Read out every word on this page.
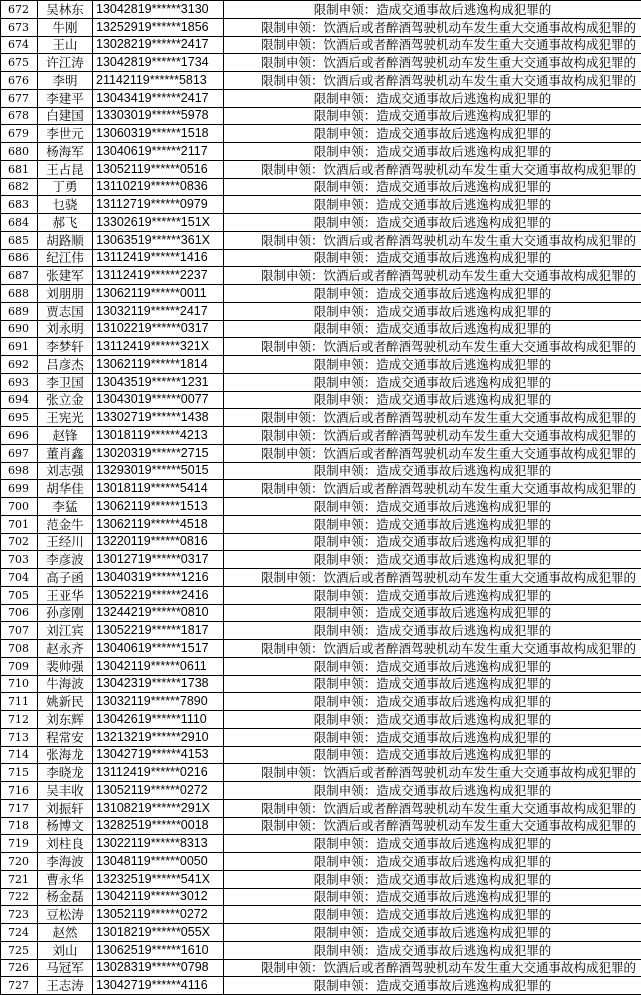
672	吴林东	13042819******3130	限制申领：造成交通事故后逃逸构成犯罪的
673	牛刚	13252919******1856	限制申领：饮酒后或者醉酒驾驶机动车发生重大交通事故构成犯罪的
674	王山	13028219******2417	限制申领：饮酒后或者醉酒驾驶机动车发生重大交通事故构成犯罪的
675	许江涛	13042819******1734	限制申领：饮酒后或者醉酒驾驶机动车发生重大交通事故构成犯罪的
676	李明	21142119******5813	限制申领：饮酒后或者醉酒驾驶机动车发生重大交通事故构成犯罪的
677	李建平	13043419******2417	限制申领：造成交通事故后逃逸构成犯罪的
678	白建国	13303019******5978	限制申领：造成交通事故后逃逸构成犯罪的
679	李世元	13060319******1518	限制申领：造成交通事故后逃逸构成犯罪的
680	杨海军	13040619******2117	限制申领：造成交通事故后逃逸构成犯罪的
681	王占昆	13052119******0516	限制申领：饮酒后或者醉酒驾驶机动车发生重大交通事故构成犯罪的
682	丁勇	13110219******0836	限制申领：造成交通事故后逃逸构成犯罪的
683	乜骁	13112719******0979	限制申领：造成交通事故后逃逸构成犯罪的
684	郝飞	13302619******151X	限制申领：造成交通事故后逃逸构成犯罪的
685	胡路顺	13063519******361X	限制申领：饮酒后或者醉酒驾驶机动车发生重大交通事故构成犯罪的
686	纪江伟	13112419******1416	限制申领：造成交通事故后逃逸构成犯罪的
687	张建军	13112419******2237	限制申领：饮酒后或者醉酒驾驶机动车发生重大交通事故构成犯罪的
688	刘朋朋	13062119******0011	限制申领：造成交通事故后逃逸构成犯罪的
689	贾志国	13032119******2417	限制申领：造成交通事故后逃逸构成犯罪的
690	刘永明	13102219******0317	限制申领：造成交通事故后逃逸构成犯罪的
691	李梦轩	13112419******321X	限制申领：饮酒后或者醉酒驾驶机动车发生重大交通事故构成犯罪的
692	吕彦杰	13062119******1814	限制申领：造成交通事故后逃逸构成犯罪的
693	李卫国	13043519******1231	限制申领：造成交通事故后逃逸构成犯罪的
694	张立金	13043019******0077	限制申领：造成交通事故后逃逸构成犯罪的
695	王宪光	13302719******1438	限制申领：饮酒后或者醉酒驾驶机动车发生重大交通事故构成犯罪的
696	赵锋	13018119******4213	限制申领：饮酒后或者醉酒驾驶机动车发生重大交通事故构成犯罪的
697	董肖鑫	13020319******2715	限制申领：饮酒后或者醉酒驾驶机动车发生重大交通事故构成犯罪的
698	刘志强	13293019******5015	限制申领：造成交通事故后逃逸构成犯罪的
699	胡华佳	13018119******5414	限制申领：饮酒后或者醉酒驾驶机动车发生重大交通事故构成犯罪的
700	李猛	13062119******1513	限制申领：造成交通事故后逃逸构成犯罪的
701	范金牛	13062119******4518	限制申领：造成交通事故后逃逸构成犯罪的
702	王经川	13220119******0816	限制申领：造成交通事故后逃逸构成犯罪的
703	李彦波	13012719******0317	限制申领：造成交通事故后逃逸构成犯罪的
704	高子函	13040319******1216	限制申领：饮酒后或者醉酒驾驶机动车发生重大交通事故构成犯罪的
705	王亚华	13052219******2416	限制申领：造成交通事故后逃逸构成犯罪的
706	孙彦刚	13244219******0810	限制申领：造成交通事故后逃逸构成犯罪的
707	刘江宾	13052219******1817	限制申领：造成交通事故后逃逸构成犯罪的
708	赵永齐	13040619******1517	限制申领：饮酒后或者醉酒驾驶机动车发生重大交通事故构成犯罪的
709	裴帅强	13042119******0611	限制申领：造成交通事故后逃逸构成犯罪的
710	牛海波	13042319******1738	限制申领：造成交通事故后逃逸构成犯罪的
711	姚新民	13032119******7890	限制申领：造成交通事故后逃逸构成犯罪的
712	刘东辉	13042619******1110	限制申领：造成交通事故后逃逸构成犯罪的
713	程常安	13213219******2910	限制申领：造成交通事故后逃逸构成犯罪的
714	张海龙	13042719******4153	限制申领：造成交通事故后逃逸构成犯罪的
715	李晓龙	13112419******0216	限制申领：饮酒后或者醉酒驾驶机动车发生重大交通事故构成犯罪的
716	吴丰收	13052119******0272	限制申领：造成交通事故后逃逸构成犯罪的
717	刘振轩	13108219******291X	限制申领：饮酒后或者醉酒驾驶机动车发生重大交通事故构成犯罪的
718	杨博文	13282519******0018	限制申领：饮酒后或者醉酒驾驶机动车发生重大交通事故构成犯罪的
719	刘柱良	13022119******8313	限制申领：造成交通事故后逃逸构成犯罪的
720	李海波	13048119******0050	限制申领：造成交通事故后逃逸构成犯罪的
721	曹永华	13232519******541X	限制申领：造成交通事故后逃逸构成犯罪的
722	杨金磊	13042119******3012	限制申领：造成交通事故后逃逸构成犯罪的
723	豆松涛	13052119******0272	限制申领：造成交通事故后逃逸构成犯罪的
724	赵然	13018219******055X	限制申领：造成交通事故后逃逸构成犯罪的
725	刘山	13062519******1610	限制申领：造成交通事故后逃逸构成犯罪的
726	马冠军	13028319******0798	限制申领：饮酒后或者醉酒驾驶机动车发生重大交通事故构成犯罪的
727	王志涛	13042719******4116	限制申领：造成交通事故后逃逸构成犯罪的
